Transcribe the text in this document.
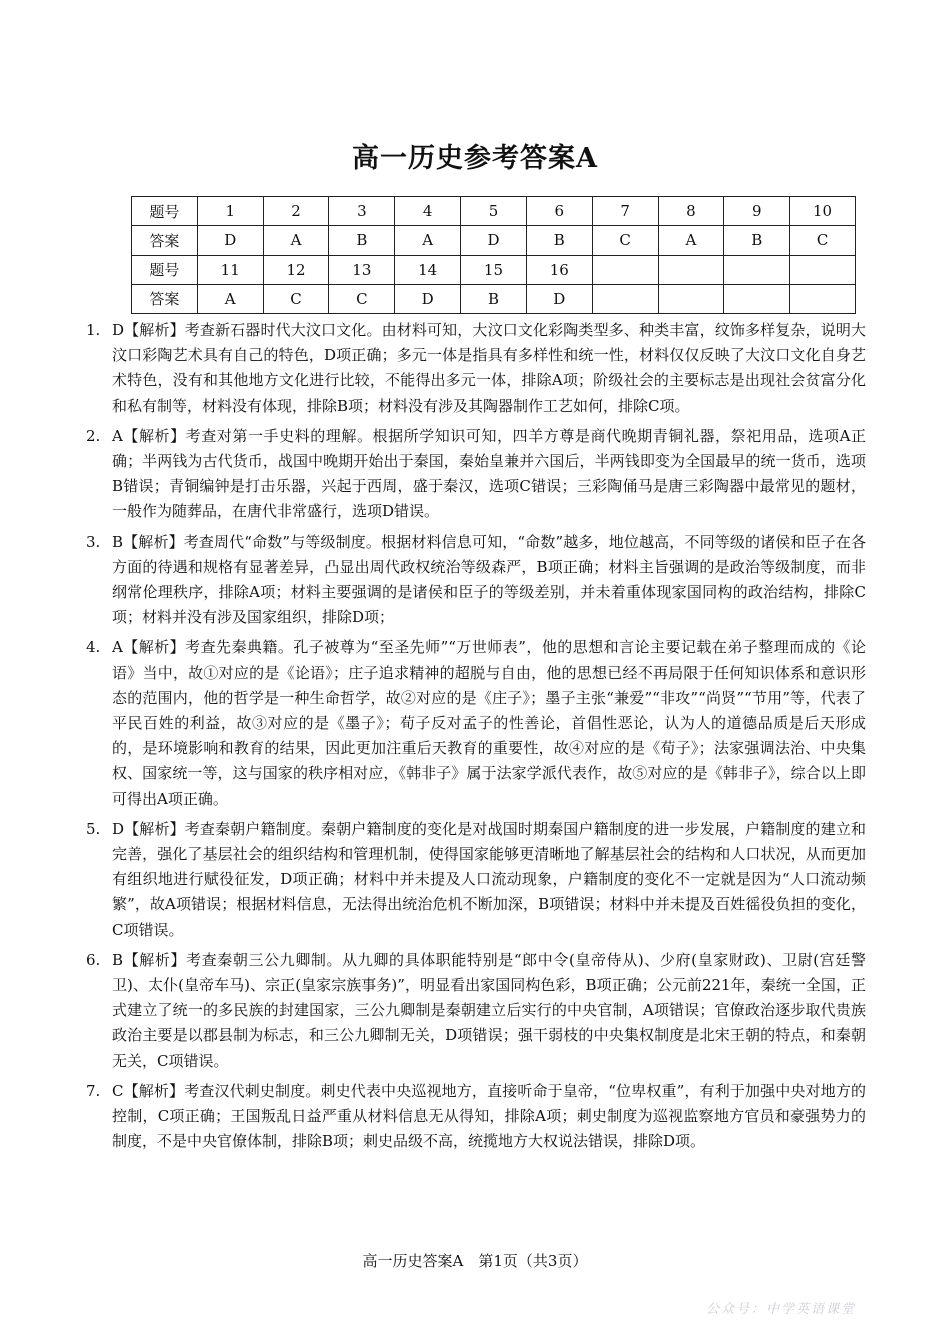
高一历史参考答案A
题号	1	2	3	4	5	6	7	8	9	10
答案	D	A	B	A	D	B	C	A	B	C
题号	11	12	13	14	15	16				
答案	A	C	C	D	B	D				
1. D【解析】考查新石器时代大汶口文化。由材料可知，大汶口文化彩陶类型多、种类丰富，纹饰多样复杂，说明大汶口彩陶艺术具有自己的特色，D项正确；多元一体是指具有多样性和统一性，材料仅仅反映了大汶口文化自身艺术特色，没有和其他地方文化进行比较，不能得出多元一体，排除A项；阶级社会的主要标志是出现社会贫富分化和私有制等，材料没有体现，排除B项；材料没有涉及其陶器制作工艺如何，排除C项。
2. A【解析】考查对第一手史料的理解。根据所学知识可知，四羊方尊是商代晚期青铜礼器，祭祀用品，选项A正确；半两钱为古代货币，战国中晚期开始出于秦国，秦始皇兼并六国后，半两钱即变为全国最早的统一货币，选项B错误；青铜编钟是打击乐器，兴起于西周，盛于秦汉，选项C错误；三彩陶俑马是唐三彩陶器中最常见的题材，一般作为随葬品，在唐代非常盛行，选项D错误。
3. B【解析】考查周代“命数”与等级制度。根据材料信息可知，“命数”越多，地位越高，不同等级的诸侯和臣子在各方面的待遇和规格有显著差异，凸显出周代政权统治等级森严，B项正确；材料主旨强调的是政治等级制度，而非纲常伦理秩序，排除A项；材料主要强调的是诸侯和臣子的等级差别，并未着重体现家国同构的政治结构，排除C项；材料并没有涉及国家组织，排除D项；
4. A【解析】考查先秦典籍。孔子被尊为“至圣先师”“万世师表”，他的思想和言论主要记载在弟子整理而成的《论语》当中，故①对应的是《论语》；庄子追求精神的超脱与自由，他的思想已经不再局限于任何知识体系和意识形态的范围内，他的哲学是一种生命哲学，故②对应的是《庄子》；墨子主张“兼爱”“非攻”“尚贤”“节用”等，代表了平民百姓的利益，故③对应的是《墨子》；荀子反对孟子的性善论，首倡性恶论，认为人的道德品质是后天形成的，是环境影响和教育的结果，因此更加注重后天教育的重要性，故④对应的是《荀子》；法家强调法治、中央集权、国家统一等，这与国家的秩序相对应，《韩非子》属于法家学派代表作，故⑤对应的是《韩非子》，综合以上即可得出A项正确。
5. D【解析】考查秦朝户籍制度。秦朝户籍制度的变化是对战国时期秦国户籍制度的进一步发展，户籍制度的建立和完善，强化了基层社会的组织结构和管理机制，使得国家能够更清晰地了解基层社会的结构和人口状况，从而更加有组织地进行赋役征发，D项正确；材料中并未提及人口流动现象，户籍制度的变化不一定就是因为“人口流动频繁”，故A项错误；根据材料信息，无法得出统治危机不断加深，B项错误；材料中并未提及百姓徭役负担的变化，C项错误。
6. B【解析】考查秦朝三公九卿制。从九卿的具体职能特别是“郎中令(皇帝侍从)、少府(皇家财政)、卫尉(宫廷警卫)、太仆(皇帝车马)、宗正(皇家宗族事务)”，明显看出家国同构色彩，B项正确；公元前221年，秦统一全国，正式建立了统一的多民族的封建国家，三公九卿制是秦朝建立后实行的中央官制，A项错误；官僚政治逐步取代贵族政治主要是以郡县制为标志，和三公九卿制无关，D项错误；强干弱枝的中央集权制度是北宋王朝的特点，和秦朝无关，C项错误。
7. C【解析】考查汉代刺史制度。刺史代表中央巡视地方，直接听命于皇帝，“位卑权重”，有利于加强中央对地方的控制，C项正确；王国叛乱日益严重从材料信息无从得知，排除A项；刺史制度为巡视监察地方官员和豪强势力的制度，不是中央官僚体制，排除B项；刺史品级不高，统揽地方大权说法错误，排除D项。
高一历史答案A　第1页（共3页）
公众号：中学英语课堂
